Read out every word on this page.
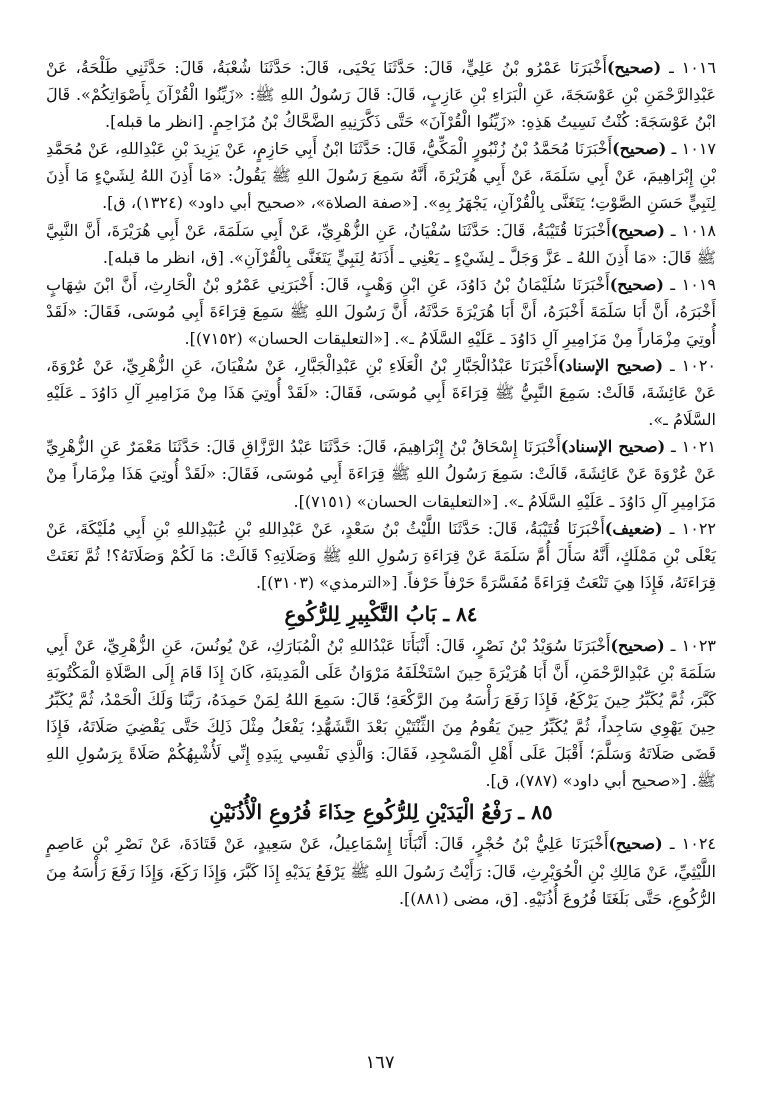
١٠١٦ ـ (صحيح)أَخْبَرَنَا عَمْرُو بْنُ عَلِيٍّ، قَالَ: حَدَّثَنَا يَحْيَى، قَالَ: حَدَّثَنَا شُعْبَةُ، قَالَ: حَدَّثَنِي طَلْحَةُ، عَنْ عَبْدِالرَّحْمَنِ بْنِ عَوْسَجَةَ، عَنِ الْبَرَاءِ بْنِ عَازِبٍ، قَالَ: قَالَ رَسُولُ اللهِ ﷺ: «زَيِّنُوا الْقُرْآنَ بِأَصْوَاتِكُمْ». قَالَ ابْنُ عَوْسَجَةَ: كُنْتُ نَسِيتُ هَذِهِ: «زَيِّنُوا الْقُرْآنَ» حَتَّى ذَكَّرَنِيهِ الضَّحَّاكُ بْنُ مُزَاحِمٍ. [انظر ما قبله].

١٠١٧ ـ (صحيح)أَخْبَرَنَا مُحَمَّدُ بْنُ زُنْبُورٍ الْمَكِّيُّ، قَالَ: حَدَّثَنَا ابْنُ أَبِي حَازِمٍ، عَنْ يَزِيدَ بْنِ عَبْدِاللهِ، عَنْ مُحَمَّدِ بْنِ إِبْرَاهِيمَ، عَنْ أَبِي سَلَمَةَ، عَنْ أَبِي هُرَيْرَةَ، أَنَّهُ سَمِعَ رَسُولَ اللهِ ﷺ يَقُولُ: «مَا أَذِنَ اللهُ لِشَيْءٍ مَا أَذِنَ لِنَبِيٍّ حَسَنِ الصَّوْتِ؛ يَتَغَنَّى بِالْقُرْآنِ، يَجْهَرُ بِهِ». [«صفة الصلاة»، «صحيح أبي داود» (١٣٢٤)، ق].

١٠١٨ ـ (صحيح)أَخْبَرَنَا قُتَيْبَةُ، قَالَ: حَدَّثَنَا سُفْيَانُ، عَنِ الزُّهْرِيِّ، عَنْ أَبِي سَلَمَةَ، عَنْ أَبِي هُرَيْرَةَ، أَنَّ النَّبِيَّ ﷺ قَالَ: «مَا أَذِنَ اللهُ ـ عَزَّ وَجَلَّ ـ لِشَيْءٍ ـ يَعْنِي ـ أَذَنَهُ لِنَبِيٍّ يَتَغَنَّى بِالْقُرْآنِ». [ق، انظر ما قبله].

١٠١٩ ـ (صحيح)أَخْبَرَنَا سُلَيْمَانُ بْنُ دَاوُدَ، عَنِ ابْنِ وَهْبٍ، قَالَ: أَخْبَرَنِي عَمْرُو بْنُ الْحَارِثِ، أَنَّ ابْنَ شِهَابٍ أَخْبَرَهُ، أَنَّ أَبَا سَلَمَةَ أَخْبَرَهُ، أَنَّ أَبَا هُرَيْرَةَ حَدَّثَهُ، أَنَّ رَسُولَ اللهِ ﷺ سَمِعَ قِرَاءَةَ أَبِي مُوسَى، فَقَالَ: «لَقَدْ أُوتِيَ مِزْمَاراً مِنْ مَزَامِيرِ آلِ دَاوُدَ ـ عَلَيْهِ السَّلَامُ ـ». [«التعليقات الحسان» (٧١٥٢)].

١٠٢٠ ـ (صحيح الإسناد)أَخْبَرَنَا عَبْدُالْجَبَّارِ بْنُ الْعَلَاءِ بْنِ عَبْدِالْجَبَّارِ، عَنْ سُفْيَانَ، عَنِ الزُّهْرِيِّ، عَنْ عُرْوَةَ، عَنْ عَائِشَةَ، قَالَتْ: سَمِعَ النَّبِيُّ ﷺ قِرَاءَةَ أَبِي مُوسَى، فَقَالَ: «لَقَدْ أُوتِيَ هَذَا مِنْ مَزَامِيرِ آلِ دَاوُدَ ـ عَلَيْهِ السَّلَامُ ـ».

١٠٢١ ـ (صحيح الإسناد)أَخْبَرَنَا إِسْحَاقُ بْنُ إِبْرَاهِيمَ، قَالَ: حَدَّثَنَا عَبْدُ الرَّزَّاقِ قَالَ: حَدَّثَنَا مَعْمَرٌ عَنِ الزُّهْرِيِّ عَنْ عُرْوَةَ عَنْ عَائِشَةَ، قَالَتْ: سَمِعَ رَسُولُ اللهِ ﷺ قِرَاءَةَ أَبِي مُوسَى، فَقَالَ: «لَقَدْ أُوتِيَ هَذَا مِزْمَاراً مِنْ مَزَامِيرِ آلِ دَاوُدَ ـ عَلَيْهِ السَّلَامُ ـ». [«التعليقات الحسان» (٧١٥١)].

١٠٢٢ ـ (ضعيف)أَخْبَرَنَا قُتَيْبَةُ، قَالَ: حَدَّثَنَا اللَّيْثُ بْنُ سَعْدٍ، عَنْ عَبْدِاللهِ بْنِ عُبَيْدِاللهِ بْنِ أَبِي مُلَيْكَةَ، عَنْ يَعْلَى بْنِ مَمْلَكٍ، أَنَّهُ سَأَلَ أُمَّ سَلَمَةَ عَنْ قِرَاءَةِ رَسُولِ اللهِ ﷺ وَصَلَاتِهِ؟ قَالَتْ: مَا لَكُمْ وَصَلَاتَهُ؟! ثُمَّ نَعَتَتْ قِرَاءَتَهُ، فَإِذَا هِيَ تَنْعَتُ قِرَاءَةً مُفَسَّرَةً حَرْفاً حَرْفاً. [«الترمذي» (٣١٠٣)].

٨٤ ـ بَابُ التَّكْبِيرِ لِلرُّكُوعِ

١٠٢٣ ـ (صحيح)أَخْبَرَنَا سُوَيْدُ بْنُ نَصْرٍ، قَالَ: أَنْبَأَنَا عَبْدُاللهِ بْنُ الْمُبَارَكِ، عَنْ يُونُسَ، عَنِ الزُّهْرِيِّ، عَنْ أَبِي سَلَمَةَ بْنِ عَبْدِالرَّحْمَنِ، أَنَّ أَبَا هُرَيْرَةَ حِينَ اسْتَخْلَفَهُ مَرْوَانُ عَلَى الْمَدِينَةِ، كَانَ إِذَا قَامَ إِلَى الصَّلَاةِ الْمَكْتُوبَةِ كَبَّرَ، ثُمَّ يُكَبِّرُ حِينَ يَرْكَعُ، فَإِذَا رَفَعَ رَأْسَهُ مِنَ الرَّكْعَةِ؛ قَالَ: سَمِعَ اللهُ لِمَنْ حَمِدَهُ، رَبَّنَا وَلَكَ الْحَمْدُ، ثُمَّ يُكَبِّرُ حِينَ يَهْوِي سَاجِداً، ثُمَّ يُكَبِّرُ حِينَ يَقُومُ مِنَ الثِّنْتَيْنِ بَعْدَ التَّشَهُّدِ؛ يَفْعَلُ مِثْلَ ذَلِكَ حَتَّى يَقْضِيَ صَلَاتَهُ، فَإِذَا قَضَى صَلَاتَهُ وَسَلَّمَ؛ أَقْبَلَ عَلَى أَهْلِ الْمَسْجِدِ، فَقَالَ: وَالَّذِي نَفْسِي بِيَدِهِ إِنِّي لَأُشْبِهُكُمْ صَلَاةً بِرَسُولِ اللهِ ﷺ. [«صحيح أبي داود» (٧٨٧)، ق].

٨٥ ـ رَفْعُ الْيَدَيْنِ لِلرُّكُوعِ حِذَاءَ فُرُوعِ الْأُذُنَيْنِ

١٠٢٤ ـ (صحيح)أَخْبَرَنَا عَلِيُّ بْنُ حُجْرٍ، قَالَ: أَنْبَأَنَا إِسْمَاعِيلُ، عَنْ سَعِيدٍ، عَنْ قَتَادَةَ، عَنْ نَصْرِ بْنِ عَاصِمٍ اللَّيْثِيِّ، عَنْ مَالِكِ بْنِ الْحُوَيْرِثِ، قَالَ: رَأَيْتُ رَسُولَ اللهِ ﷺ يَرْفَعُ يَدَيْهِ إِذَا كَبَّرَ، وَإِذَا رَكَعَ، وَإِذَا رَفَعَ رَأْسَهُ مِنَ الرُّكُوعِ، حَتَّى بَلَغَتَا فُرُوعَ أُذُنَيْهِ. [ق، مضى (٨٨١)].

١٦٧
